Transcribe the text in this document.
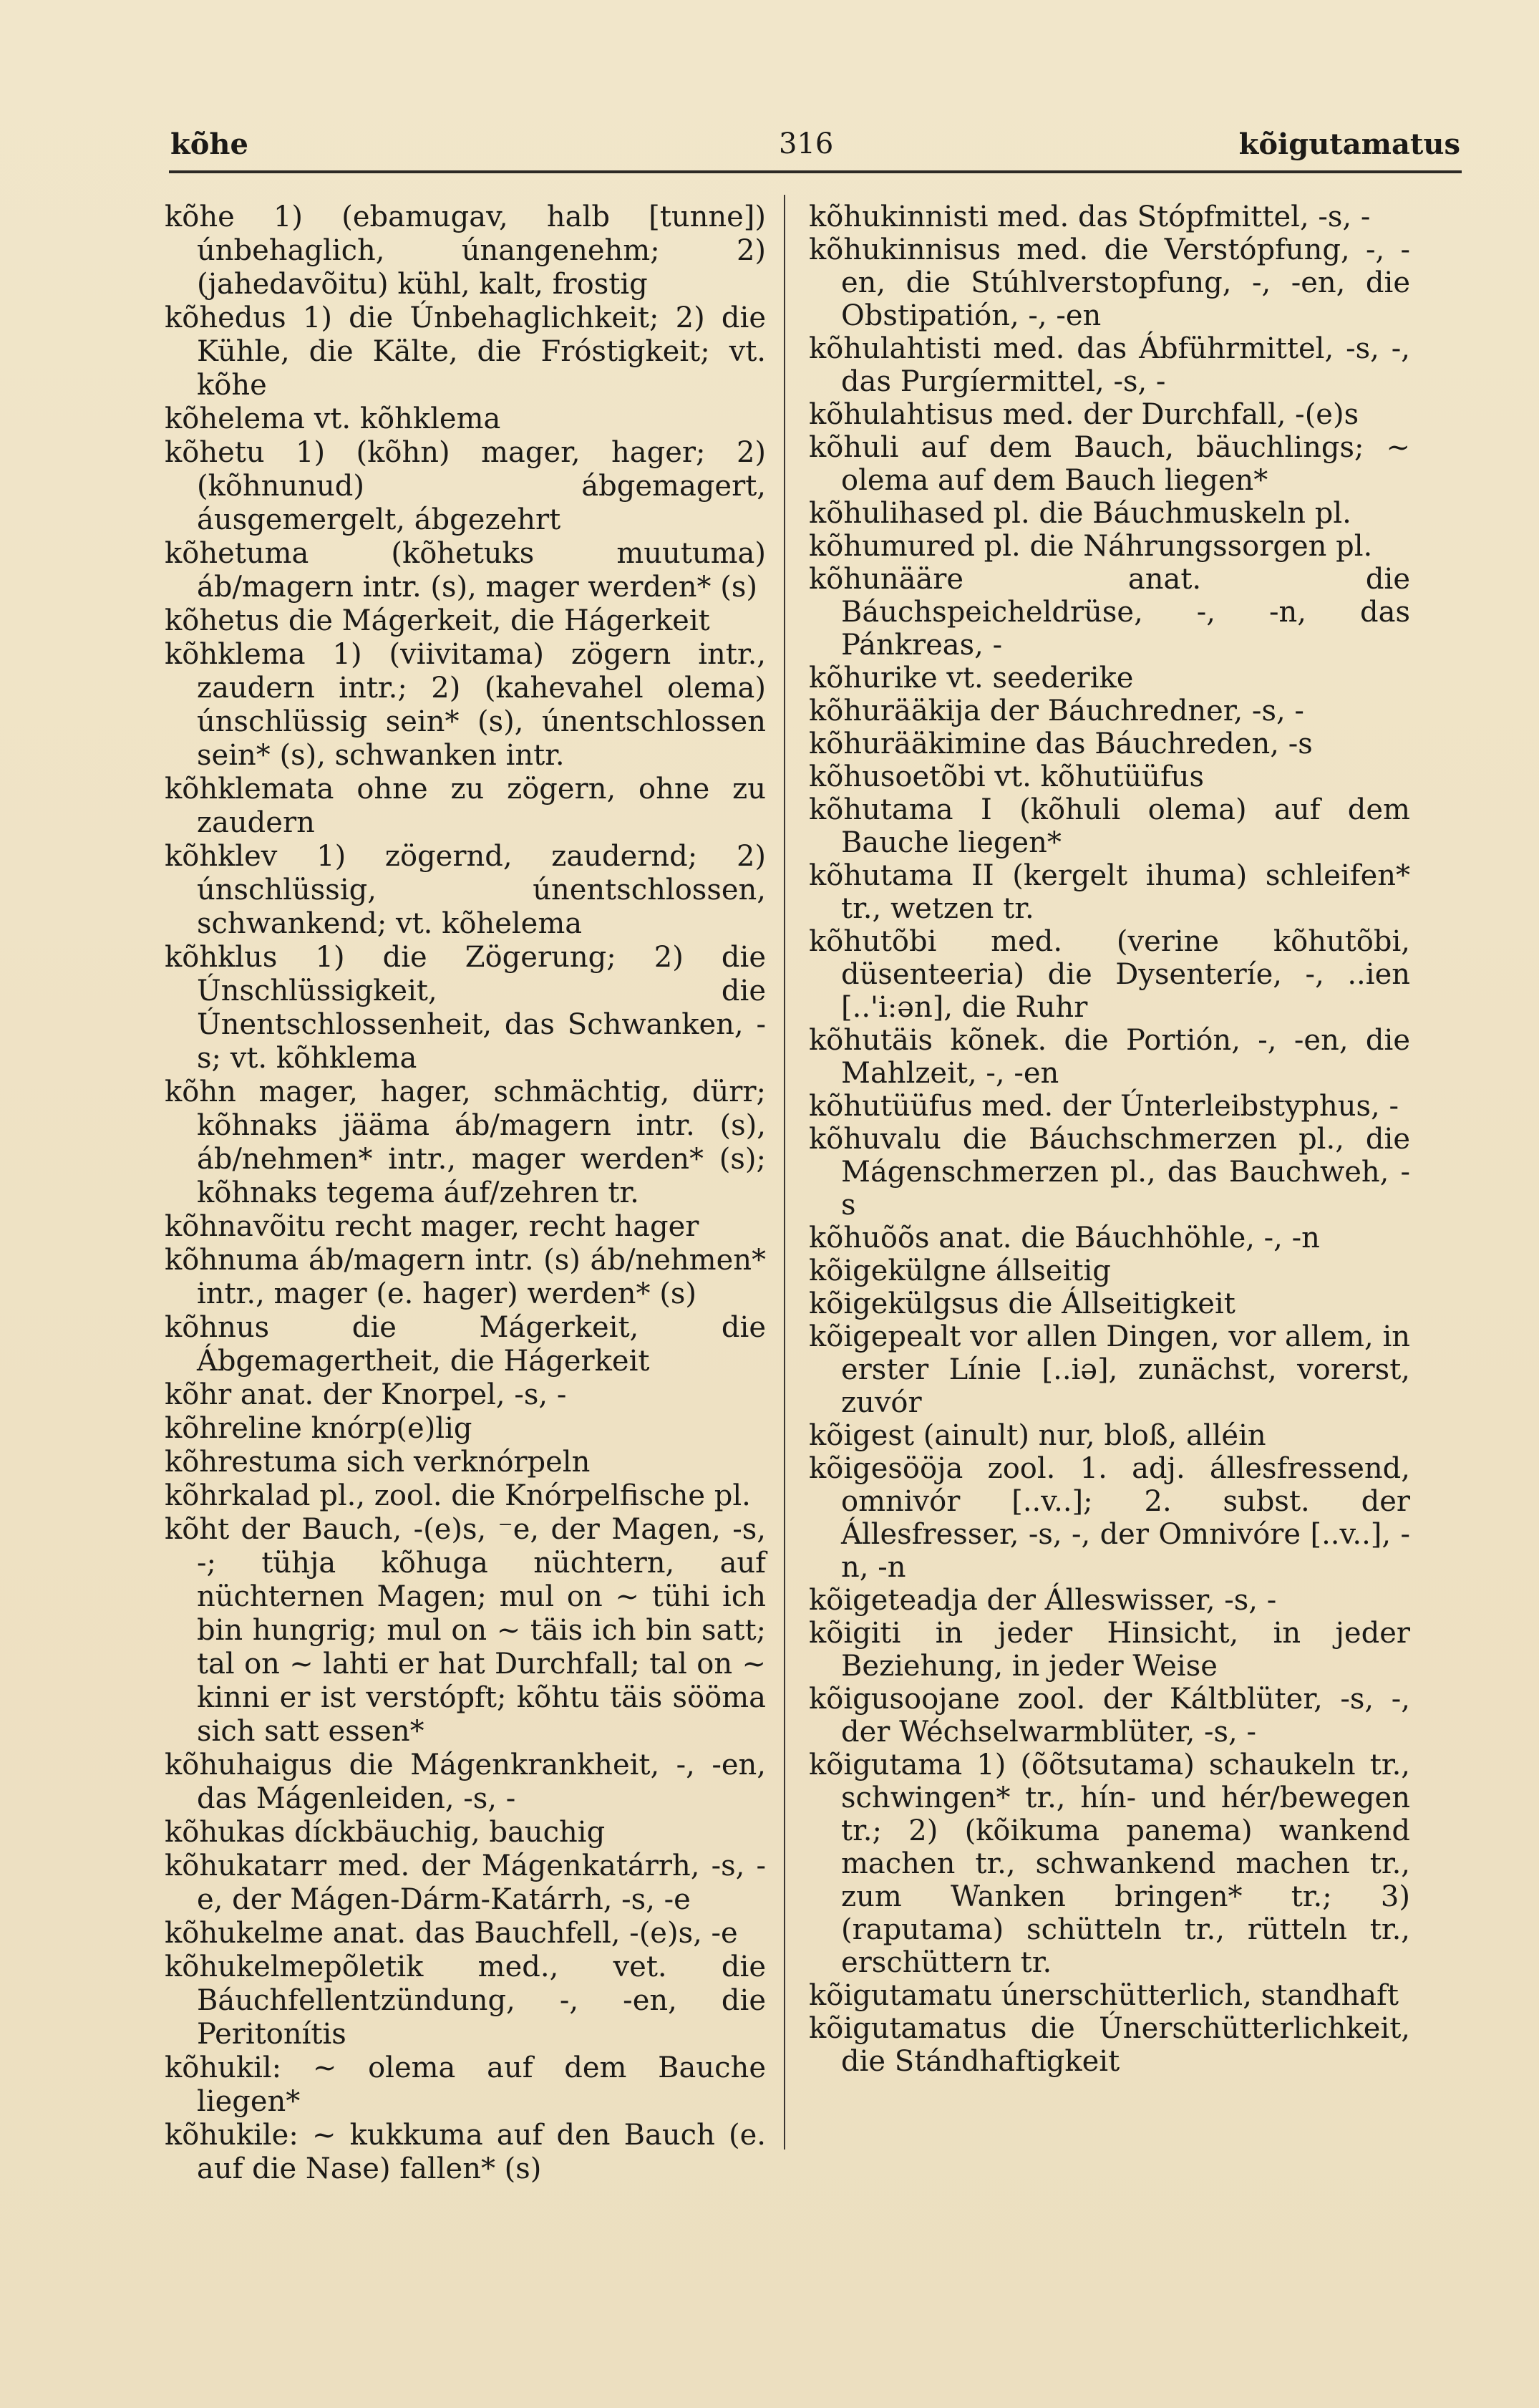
kõhe	316	kõigutamatus
kõhe 1) (ebamugav, halb [tunne]) únbehaglich, únangenehm; 2) (jahedavõitu) kühl, kalt, frostig
kõhedus 1) die Únbehaglichkeit; 2) die Kühle, die Kälte, die Fróstigkeit; vt. kõhe
kõhelema vt. kõhklema
kõhetu 1) (kõhn) mager, hager; 2) (kõhnunud) ábgemagert, áusgemergelt, ábgezehrt
kõhetuma (kõhetuks muutuma) áb/magern intr. (s), mager werden* (s)
kõhetus die Mágerkeit, die Hágerkeit
kõhklema 1) (viivitama) zögern intr., zaudern intr.; 2) (kahevahel olema) únschlüssig sein* (s), únentschlossen sein* (s), schwanken intr.
kõhklemata ohne zu zögern, ohne zu zaudern
kõhklev 1) zögernd, zaudernd; 2) únschlüssig, únentschlossen, schwankend; vt. kõhelema
kõhklus 1) die Zögerung; 2) die Únschlüssigkeit, die Únentschlossenheit, das Schwanken, -s; vt. kõhklema
kõhn mager, hager, schmächtig, dürr; kõhnaks jääma áb/magern intr. (s), áb/nehmen* intr., mager werden* (s); kõhnaks tegema áuf/zehren tr.
kõhnavõitu recht mager, recht hager
kõhnuma áb/magern intr. (s) áb/nehmen* intr., mager (e. hager) werden* (s)
kõhnus die Mágerkeit, die Ábgemagertheit, die Hágerkeit
kõhr anat. der Knorpel, -s, -
kõhreline knórp(e)lig
kõhrestuma sich verknórpeln
kõhrkalad pl., zool. die Knórpelfische pl.
kõht der Bauch, -(e)s, ⁻e, der Magen, -s, -; tühja kõhuga nüchtern, auf nüchternen Magen; mul on ~ tühi ich bin hungrig; mul on ~ täis ich bin satt; tal on ~ lahti er hat Durchfall; tal on ~ kinni er ist verstópft; kõhtu täis sööma sich satt essen*
kõhuhaigus die Mágenkrankheit, -, -en, das Mágenleiden, -s, -
kõhukas díckbäuchig, bauchig
kõhukatarr med. der Mágenkatárrh, -s, -e, der Mágen-Dárm-Katárrh, -s, -e
kõhukelme anat. das Bauchfell, -(e)s, -e
kõhukelmepõletik med., vet. die Báuchfellentzündung, -, -en, die Peritonítis
kõhukil: ~ olema auf dem Bauche liegen*
kõhukile: ~ kukkuma auf den Bauch (e. auf die Nase) fallen* (s)
kõhukinnisti med. das Stópfmittel, -s, -
kõhukinnisus med. die Verstópfung, -, -en, die Stúhlverstopfung, -, -en, die Obstipatión, -, -en
kõhulahtisti med. das Ábführmittel, -s, -, das Purgíermittel, -s, -
kõhulahtisus med. der Durchfall, -(e)s
kõhuli auf dem Bauch, bäuchlings; ~ olema auf dem Bauch liegen*
kõhulihased pl. die Báuchmuskeln pl.
kõhumured pl. die Náhrungssorgen pl.
kõhunääre anat. die Báuchspeicheldrüse, -, -n, das Pánkreas, -
kõhurike vt. seederike
kõhurääkija der Báuchredner, -s, -
kõhurääkimine das Báuchreden, -s
kõhusoetõbi vt. kõhutüüfus
kõhutama I (kõhuli olema) auf dem Bauche liegen*
kõhutama II (kergelt ihuma) schleifen* tr., wetzen tr.
kõhutõbi med. (verine kõhutõbi, düsenteeria) die Dysenteríe, -, ..ien [..'i:ən], die Ruhr
kõhutäis kõnek. die Portión, -, -en, die Mahlzeit, -, -en
kõhutüüfus med. der Únterleibstyphus, -
kõhuvalu die Báuchschmerzen pl., die Mágenschmerzen pl., das Bauchweh, -s
kõhuõõs anat. die Báuchhöhle, -, -n
kõigekülgne állseitig
kõigekülgsus die Állseitigkeit
kõigepealt vor allen Dingen, vor allem, in erster Línie [..iə], zunächst, vorerst, zuvór
kõigest (ainult) nur, bloß, alléin
kõigesööja zool. 1. adj. állesfressend, omnivór [..v..]; 2. subst. der Állesfresser, -s, -, der Omnivóre [..v..], -n, -n
kõigeteadja der Álleswisser, -s, -
kõigiti in jeder Hinsicht, in jeder Beziehung, in jeder Weise
kõigusoojane zool. der Káltblüter, -s, -, der Wéchselwarmblüter, -s, -
kõigutama 1) (õõtsutama) schaukeln tr., schwingen* tr., hín- und hér/bewegen tr.; 2) (kõikuma panema) wankend machen tr., schwankend machen tr., zum Wanken bringen* tr.; 3) (raputama) schütteln tr., rütteln tr., erschüttern tr.
kõigutamatu únerschütterlich, standhaft
kõigutamatus die Únerschütterlichkeit, die Stándhaftigkeit
